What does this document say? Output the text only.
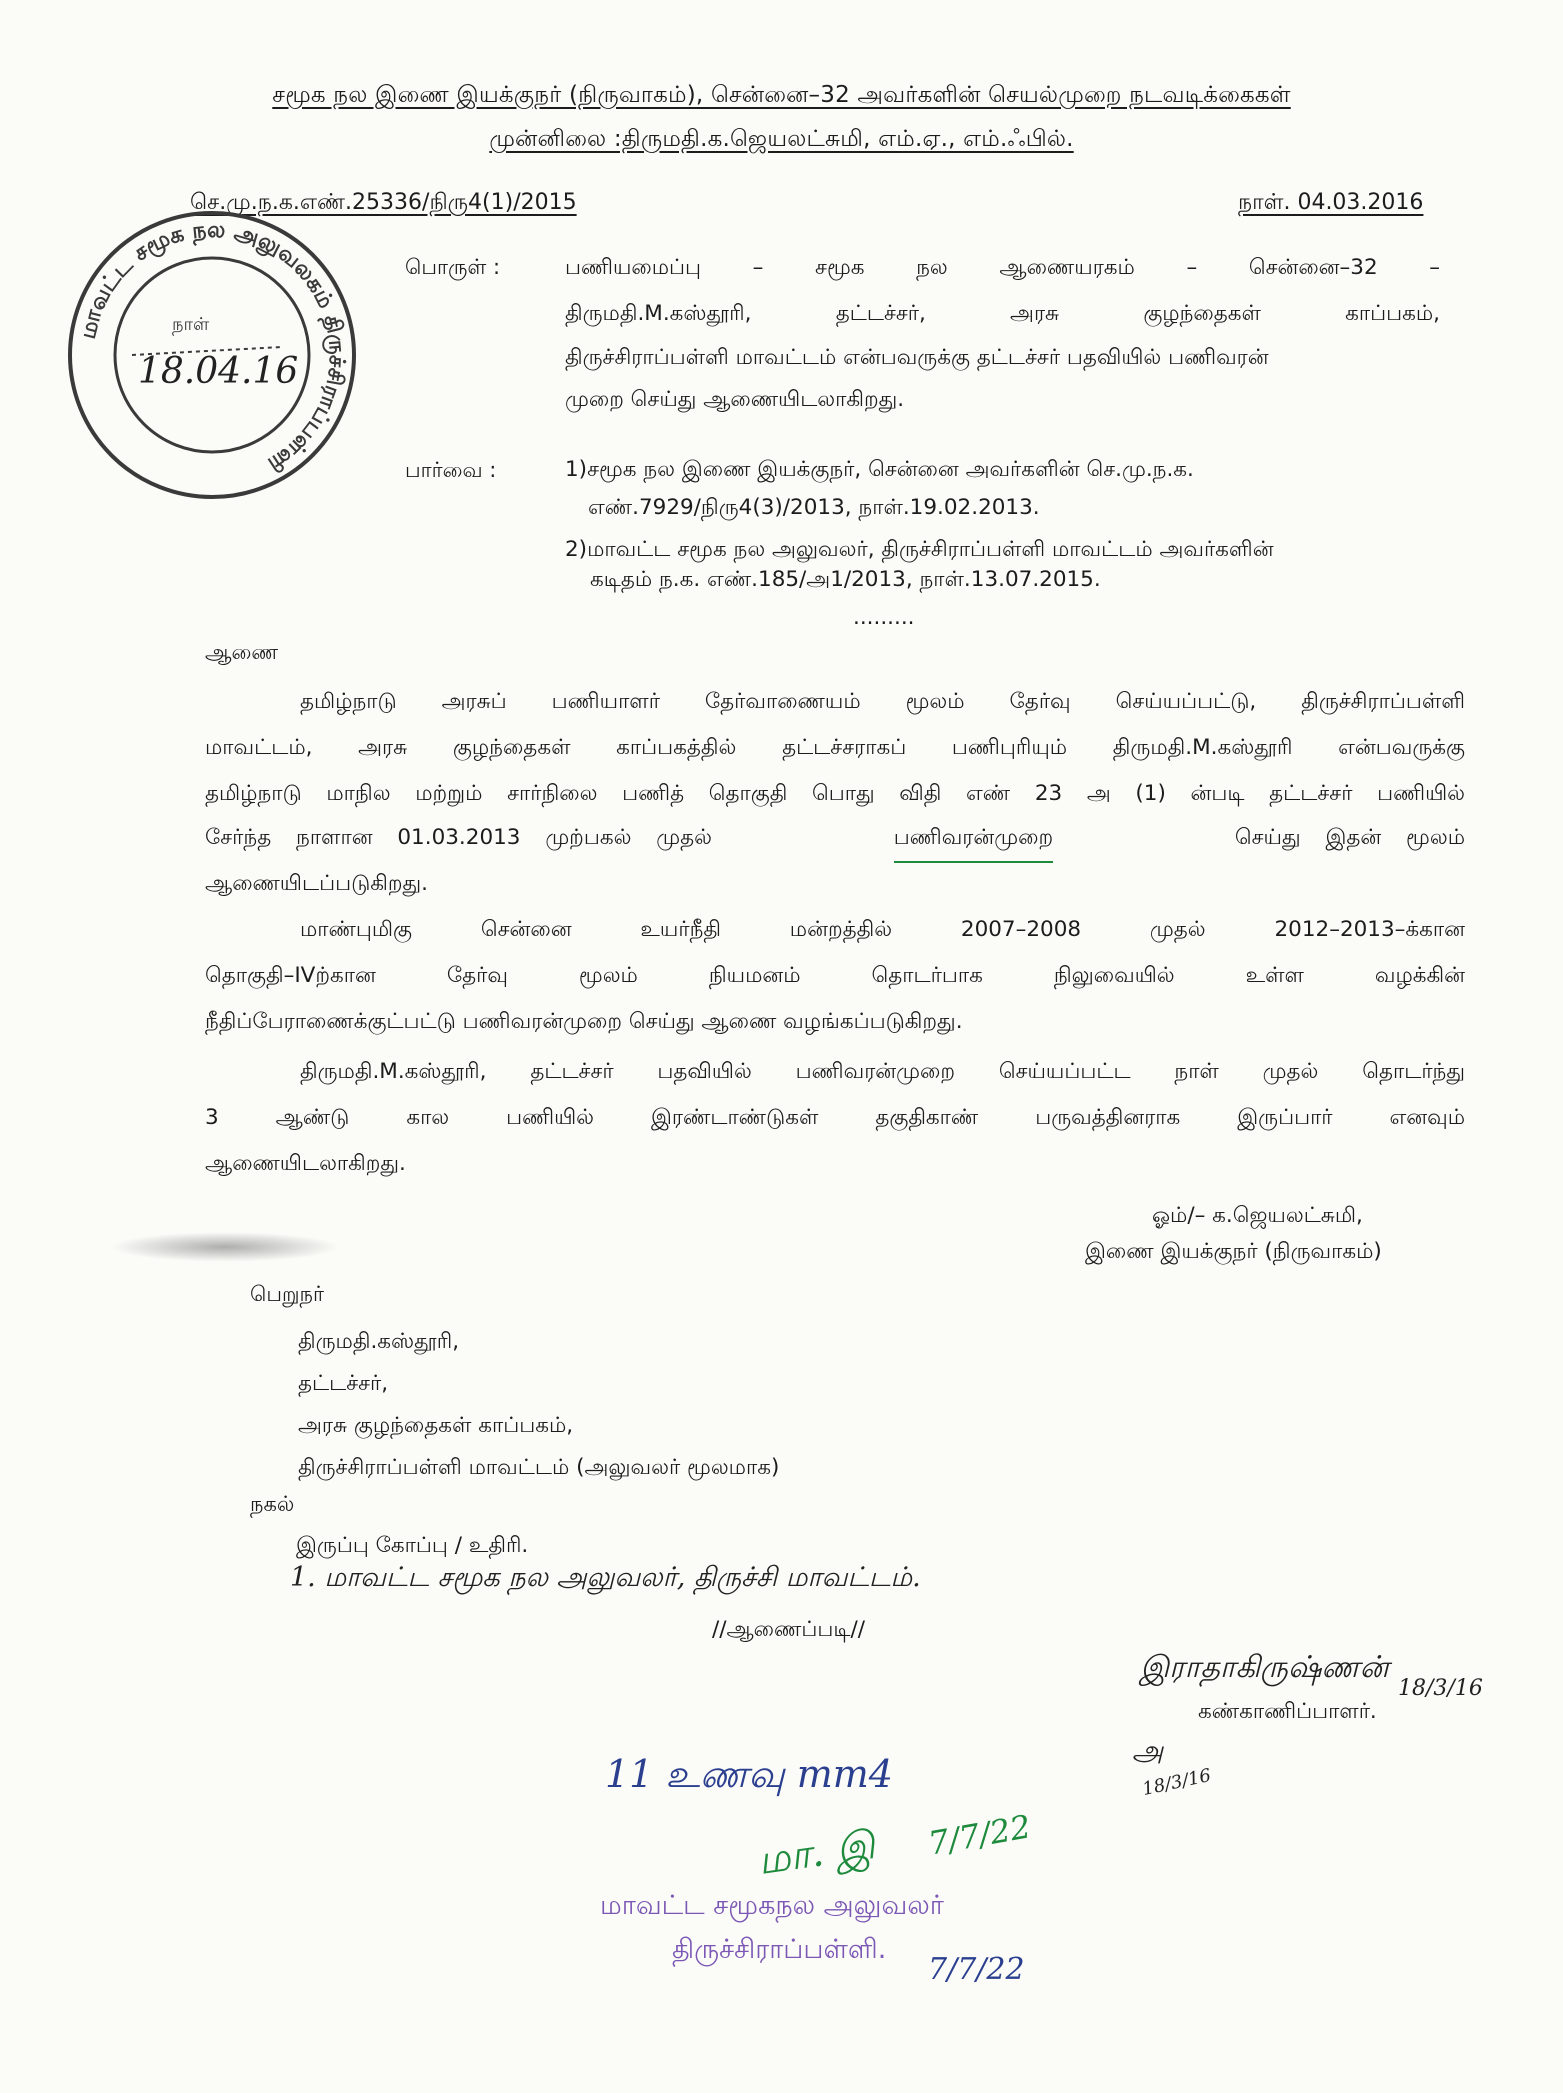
சமூக நல இணை இயக்குநர் (நிருவாகம்), சென்னை–32 அவர்களின் செயல்முறை நடவடிக்கைகள்
முன்னிலை :திருமதி.க.ஜெயலட்சுமி, எம்.ஏ., எம்.ஃபில்.
செ.மு.ந.க.எண்.25336/நிரு4(1)/2015	நாள். 04.03.2016
மாவட்ட சமூக நல அலுவலகம் திருச்சிராப்பள்ளி
நாள்
18.04.16
பொருள் :	பணியமைப்பு – சமூக நல ஆணையரகம் – சென்னை–32 –
திருமதி.M.கஸ்தூரி, தட்டச்சர், அரசு குழந்தைகள் காப்பகம்,
திருச்சிராப்பள்ளி மாவட்டம் என்பவருக்கு தட்டச்சர் பதவியில் பணிவரன்
முறை செய்து ஆணையிடலாகிறது.
பார்வை :	1)சமூக நல இணை இயக்குநர், சென்னை அவர்களின் செ.மு.ந.க.
எண்.7929/நிரு4(3)/2013, நாள்.19.02.2013.
2)மாவட்ட சமூக நல அலுவலர், திருச்சிராப்பள்ளி மாவட்டம் அவர்களின்
கடிதம் ந.க. எண்.185/அ1/2013, நாள்.13.07.2015.
.........
ஆணை
தமிழ்நாடு அரசுப் பணியாளர் தேர்வாணையம் மூலம் தேர்வு செய்யப்பட்டு, திருச்சிராப்பள்ளி
மாவட்டம், அரசு குழந்தைகள் காப்பகத்தில் தட்டச்சராகப் பணிபுரியும் திருமதி.M.கஸ்தூரி என்பவருக்கு
தமிழ்நாடு மாநில மற்றும் சார்நிலை பணித் தொகுதி பொது விதி எண் 23 அ (1) ன்படி தட்டச்சர் பணியில்
சேர்ந்த நாளான 01.03.2013 முற்பகல் முதல்	பணிவரன்முறை	செய்து இதன் மூலம்
ஆணையிடப்படுகிறது.
மாண்புமிகு சென்னை உயர்நீதி மன்றத்தில் 2007–2008 முதல் 2012–2013–க்கான
தொகுதி–IVற்கான தேர்வு மூலம் நியமனம் தொடர்பாக நிலுவையில் உள்ள வழக்கின்
நீதிப்பேராணைக்குட்பட்டு பணிவரன்முறை செய்து ஆணை வழங்கப்படுகிறது.
திருமதி.M.கஸ்தூரி, தட்டச்சர் பதவியில் பணிவரன்முறை செய்யப்பட்ட நாள் முதல் தொடர்ந்து
3 ஆண்டு கால பணியில் இரண்டாண்டுகள் தகுதிகாண் பருவத்தினராக இருப்பார் எனவும்
ஆணையிடலாகிறது.
ஓம்/– க.ஜெயலட்சுமி,
இணை இயக்குநர் (நிருவாகம்)
பெறுநர்
திருமதி.கஸ்தூரி,
தட்டச்சர்,
அரசு குழந்தைகள் காப்பகம்,
திருச்சிராப்பள்ளி மாவட்டம் (அலுவலர் மூலமாக)
நகல்
இருப்பு கோப்பு / உதிரி.
1. மாவட்ட சமூக நல அலுவலர், திருச்சி மாவட்டம்.
//ஆணைப்படி//
இராதாகிருஷ்ணன்
18/3/16
கண்காணிப்பாளர்.
அ
18/3/16
11 உணவு mm4
மா. இ 7/7/22
மாவட்ட சமூகநல அலுவலர்
திருச்சிராப்பள்ளி.
7/7/22
